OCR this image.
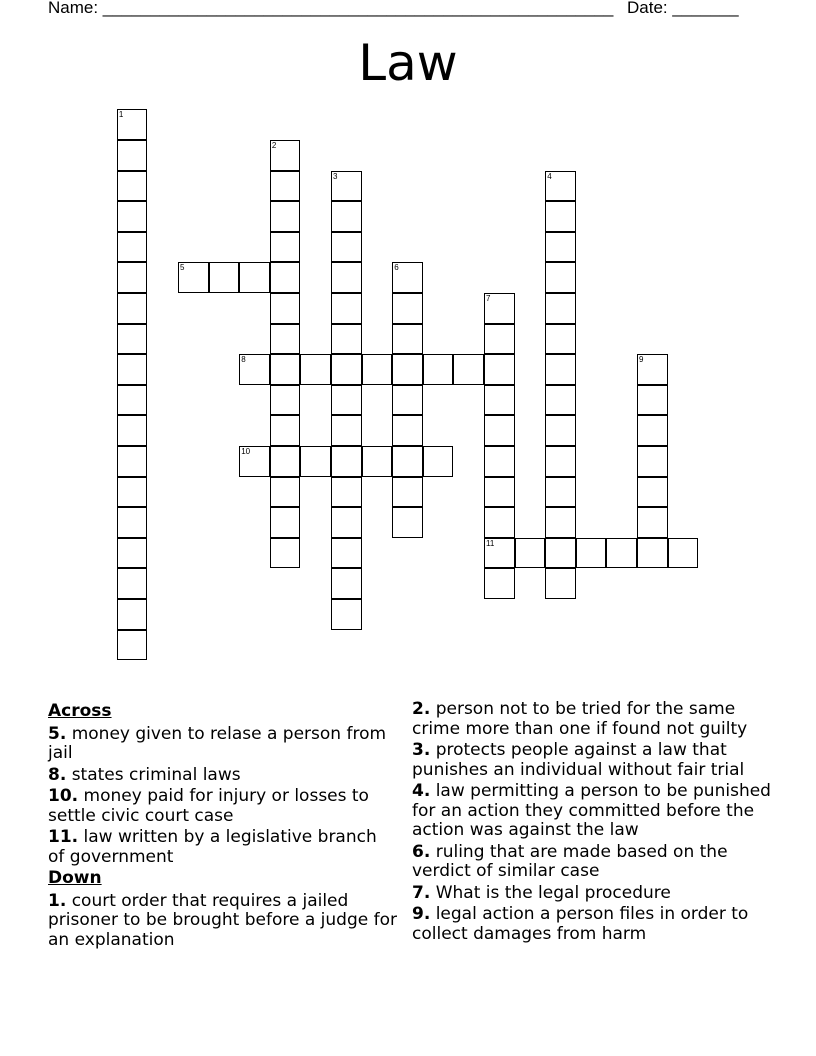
Name: ______________________________________________________ Date: _______
Law
1
2
3	4
5	6
7
11
8	9
10
Across
5. money given to relase a person from jail
8. states criminal laws
10. money paid for injury or losses to settle civic court case
11. law written by a legislative branch of government
Down
1. court order that requires a jailed prisoner to be brought before a judge for an explanation
2. person not to be tried for the same crime more than one if found not guilty
3. protects people against a law that punishes an individual without fair trial
4. law permitting a person to be punished for an action they committed before the action was against the law
6. ruling that are made based on the verdict of similar case
7. What is the legal procedure
9. legal action a person files in order to collect damages from harm
